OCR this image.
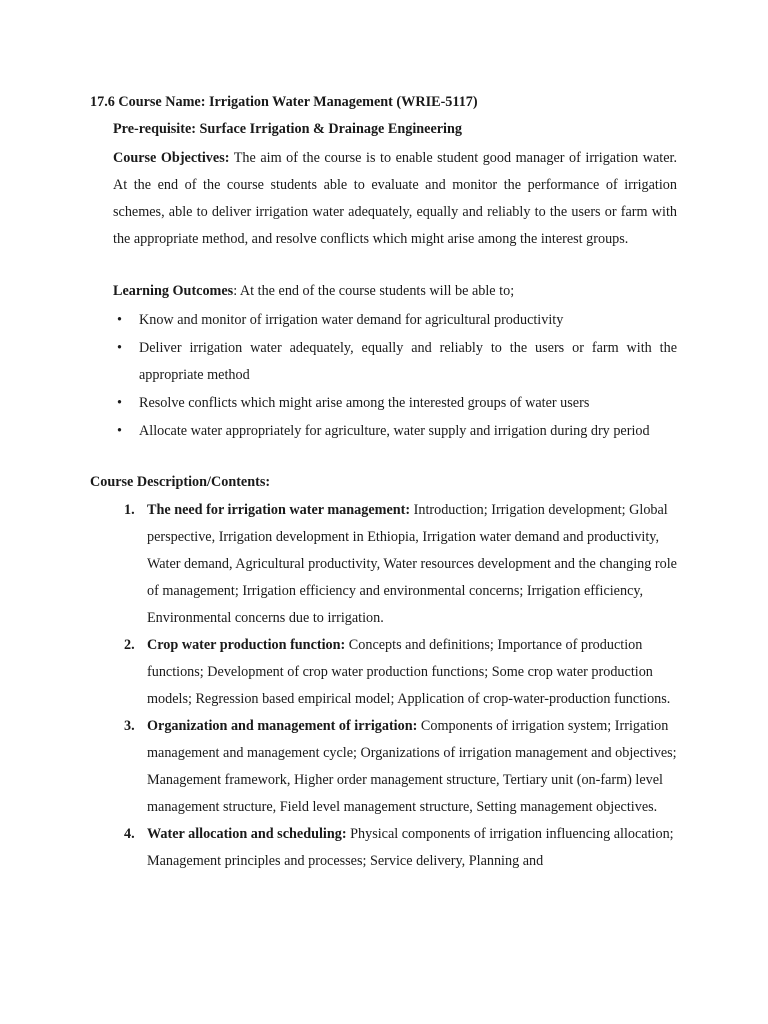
17.6 Course Name: Irrigation Water Management (WRIE-5117)
Pre-requisite: Surface Irrigation & Drainage Engineering
Course Objectives: The aim of the course is to enable student good manager of irrigation water. At the end of the course students able to evaluate and monitor the performance of irrigation schemes, able to deliver irrigation water adequately, equally and reliably to the users or farm with the appropriate method, and resolve conflicts which might arise among the interest groups.
Learning Outcomes: At the end of the course students will be able to;
• Know and monitor of irrigation water demand for agricultural productivity
• Deliver irrigation water adequately, equally and reliably to the users or farm with the appropriate method
• Resolve conflicts which might arise among the interested groups of water users
• Allocate water appropriately for agriculture, water supply and irrigation during dry period
Course Description/Contents:
1. The need for irrigation water management: Introduction; Irrigation development; Global perspective, Irrigation development in Ethiopia, Irrigation water demand and productivity, Water demand, Agricultural productivity, Water resources development and the changing role of management; Irrigation efficiency and environmental concerns; Irrigation efficiency, Environmental concerns due to irrigation.
2. Crop water production function: Concepts and definitions; Importance of production functions; Development of crop water production functions; Some crop water production models; Regression based empirical model; Application of crop-water-production functions.
3. Organization and management of irrigation: Components of irrigation system; Irrigation management and management cycle; Organizations of irrigation management and objectives; Management framework, Higher order management structure, Tertiary unit (on-farm) level management structure, Field level management structure, Setting management objectives.
4. Water allocation and scheduling: Physical components of irrigation influencing allocation; Management principles and processes; Service delivery, Planning and
